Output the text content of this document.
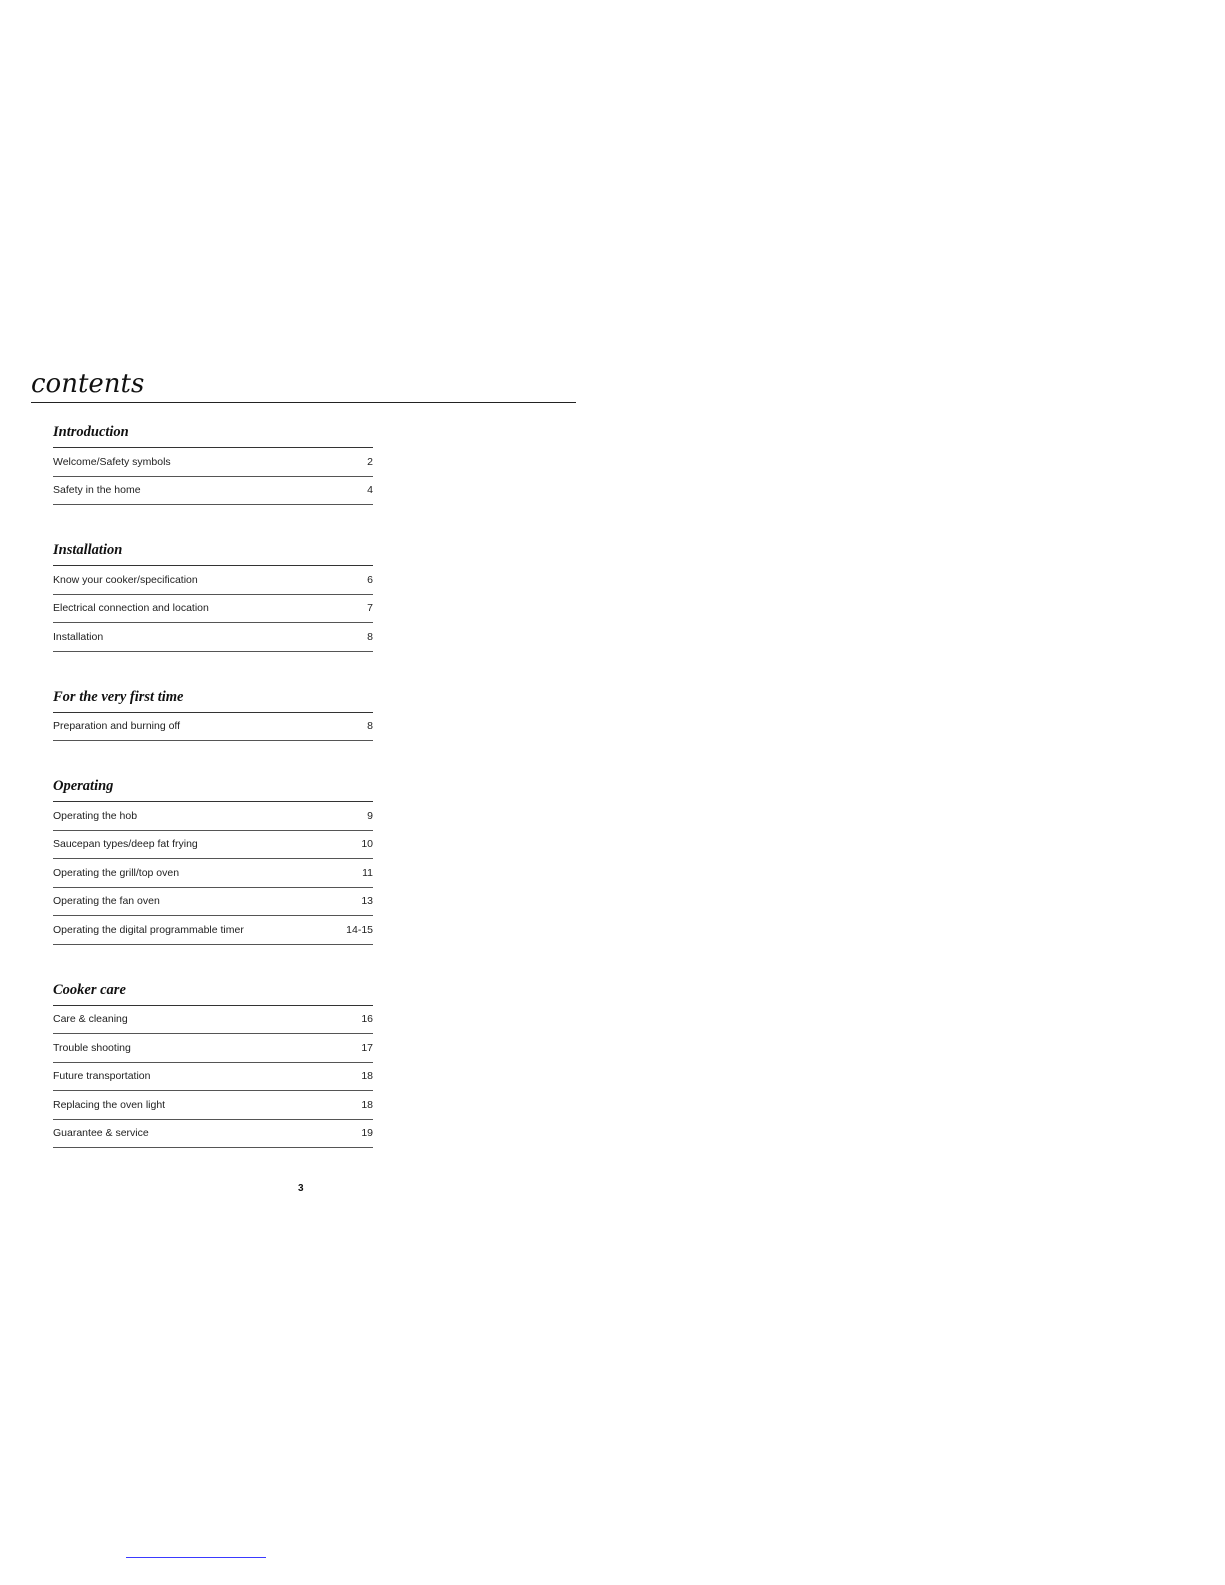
contents
Introduction
Welcome/Safety symbols	2
Safety in the home	4
Installation
Know your cooker/specification	6
Electrical connection and location	7
Installation	8
For the very first time
Preparation and burning off	8
Operating
Operating the hob	9
Saucepan types/deep fat frying	10
Operating the grill/top oven	11
Operating the fan oven	13
Operating the digital programmable timer	14-15
Cooker care
Care & cleaning	16
Trouble shooting	17
Future transportation	18
Replacing the oven light	18
Guarantee & service	19
3
